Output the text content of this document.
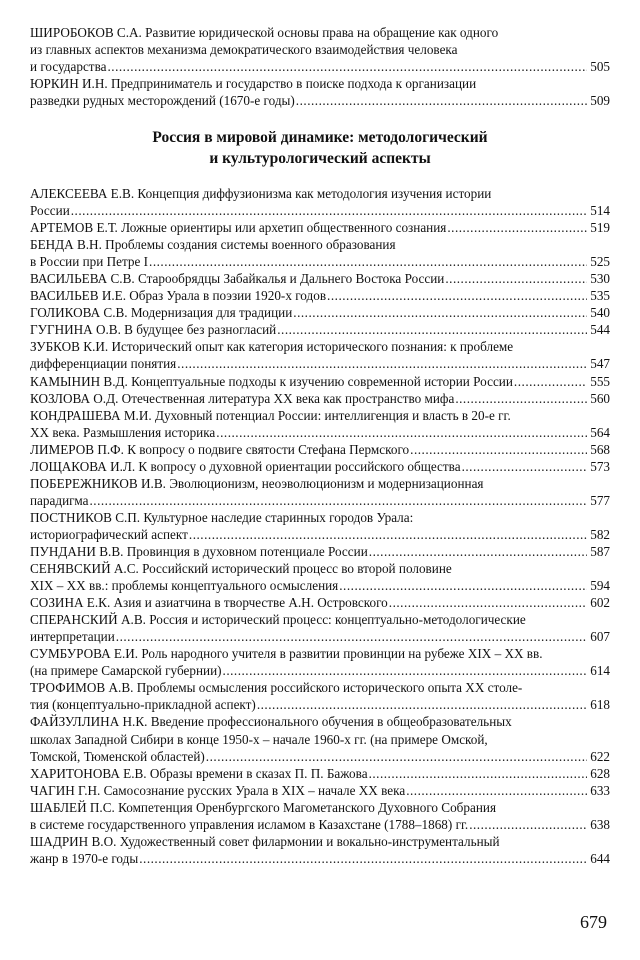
ШИРОБОКОВ С.А. Развитие юридической основы права на обращение как одного
из главных аспектов механизма демократического взаимодействия человека
и государства .....	505
ЮРКИН И.Н. Предприниматель и государство в поиске подхода к организации
разведки рудных месторождений (1670-е годы) .....	509
Россия в мировой динамике: методологический
и культурологический аспекты
АЛЕКСЕЕВА Е.В. Концепция диффузионизма как методология изучения истории
России .....	514
АРТЕМОВ Е.Т. Ложные ориентиры или архетип общественного сознания .....	519
БЕНДА В.Н. Проблемы создания системы военного образования
в России при Петре I .....	525
ВАСИЛЬЕВА С.В. Старообрядцы Забайкалья и Дальнего Востока России .....	530
ВАСИЛЬЕВ И.Е. Образ Урала в поэзии 1920-х годов .....	535
ГОЛИКОВА С.В. Модернизация для традиции .....	540
ГУГНИНА О.В. В будущее без разногласий .....	544
ЗУБКОВ К.И. Исторический опыт как категория исторического познания: к проблеме
дифференциации понятия .....	547
КАМЫНИН В.Д. Концептуальные подходы к изучению современной истории России .....	555
КОЗЛОВА О.Д. Отечественная литература XX века как пространство мифа .....	560
КОНДРАШЕВА М.И. Духовный потенциал России: интеллигенция и власть в 20-е гг.
XX века. Размышления историка .....	564
ЛИМЕРОВ П.Ф. К вопросу о подвиге святости Стефана Пермского .....	568
ЛОЩАКОВА И.Л. К вопросу о духовной ориентации российского общества .....	573
ПОБЕРЕЖНИКОВ И.В. Эволюционизм, неоэволюционизм и модернизационная
парадигма .....	577
ПОСТНИКОВ С.П. Культурное наследие старинных городов Урала:
историографический аспект .....	582
ПУНДАНИ В.В. Провинция в духовном потенциале России .....	587
СЕНЯВСКИЙ А.С. Российский исторический процесс во второй половине
XIX – XX вв.: проблемы концептуального осмысления .....	594
СОЗИНА Е.К. Азия и азиатчина в творчестве А.Н. Островского .....	602
СПЕРАНСКИЙ А.В. Россия и исторический процесс: концептуально-методологические
интерпретации .....	607
СУМБУРОВА Е.И. Роль народного учителя в развитии провинции на рубеже XIX – XX вв.
(на примере Самарской губернии) .....	614
ТРОФИМОВ А.В. Проблемы осмысления российского исторического опыта XX столе-
тия (концептуально-прикладной аспект) .....	618
ФАЙЗУЛЛИНА Н.К. Введение профессионального обучения в общеобразовательных
школах Западной Сибири в конце 1950-х – начале 1960-х гг. (на примере Омской,
Томской, Тюменской областей) .....	622
ХАРИТОНОВА Е.В. Образы времени в сказах П. П. Бажова .....	628
ЧАГИН Г.Н. Самосознание русских Урала в XIX – начале XX века .....	633
ШАБЛЕЙ П.С. Компетенция Оренбургского Магометанского Духовного Собрания
в системе государственного управления исламом в Казахстане (1788–1868) гг. .....	638
ШАДРИН В.О. Художественный совет филармонии и вокально-инструментальный
жанр в 1970-е годы .....	644
679
